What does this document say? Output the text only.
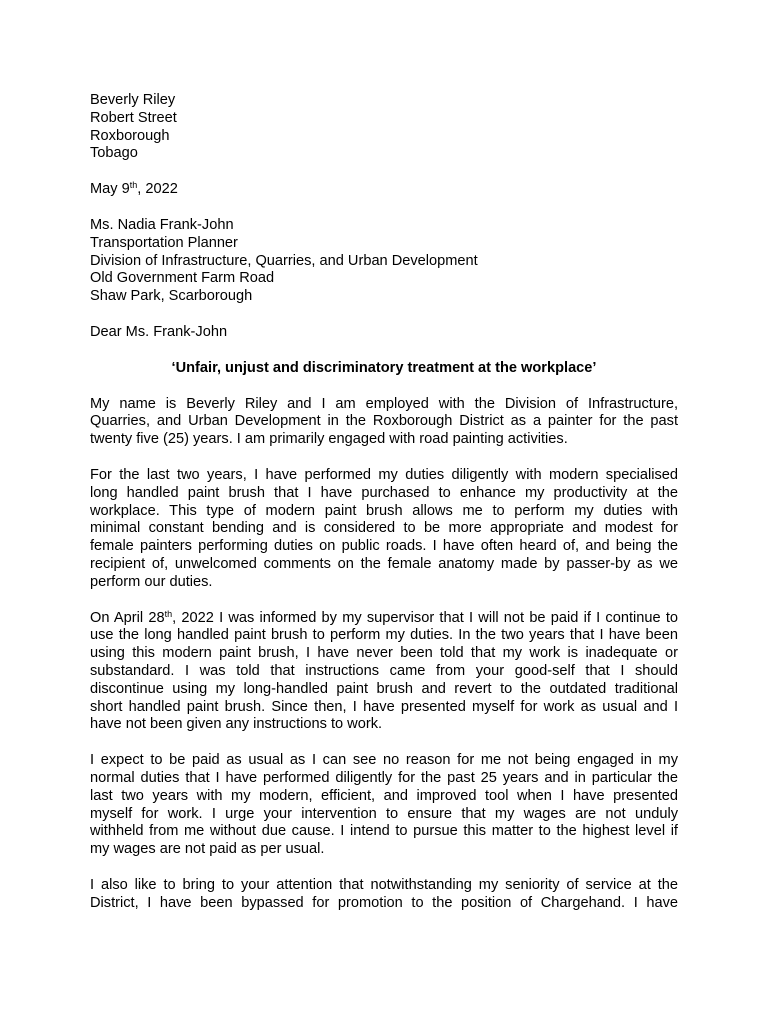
Beverly Riley

Robert Street

Roxborough

Tobago

May 9th, 2022

Ms. Nadia Frank-John

Transportation Planner

Division of Infrastructure, Quarries, and Urban Development

Old Government Farm Road

Shaw Park, Scarborough

Dear Ms. Frank-John

‘Unfair, unjust and discriminatory treatment at the workplace’

My name is Beverly Riley and I am employed with the Division of Infrastructure,
Quarries, and Urban Development in the Roxborough District as a painter for the past
twenty five (25) years. I am primarily engaged with road painting activities.
For the last two years, I have performed my duties diligently with modern specialised
long handled paint brush that I have purchased to enhance my productivity at the
workplace. This type of modern paint brush allows me to perform my duties with
minimal constant bending and is considered to be more appropriate and modest for
female painters performing duties on public roads. I have often heard of, and being the
recipient of, unwelcomed comments on the female anatomy made by passer-by as we
perform our duties.
On April 28th, 2022 I was informed by my supervisor that I will not be paid if I continue to
use the long handled paint brush to perform my duties. In the two years that I have been
using this modern paint brush, I have never been told that my work is inadequate or
substandard. I was told that instructions came from your good-self that I should
discontinue using my long-handled paint brush and revert to the outdated traditional
short handled paint brush. Since then, I have presented myself for work as usual and I
have not been given any instructions to work.
I expect to be paid as usual as I can see no reason for me not being engaged in my
normal duties that I have performed diligently for the past 25 years and in particular the
last two years with my modern, efficient, and improved tool when I have presented
myself for work. I urge your intervention to ensure that my wages are not unduly
withheld from me without due cause. I intend to pursue this matter to the highest level if
my wages are not paid as per usual.
I also like to bring to your attention that notwithstanding my seniority of service at the
District, I have been bypassed for promotion to the position of Chargehand. I have
